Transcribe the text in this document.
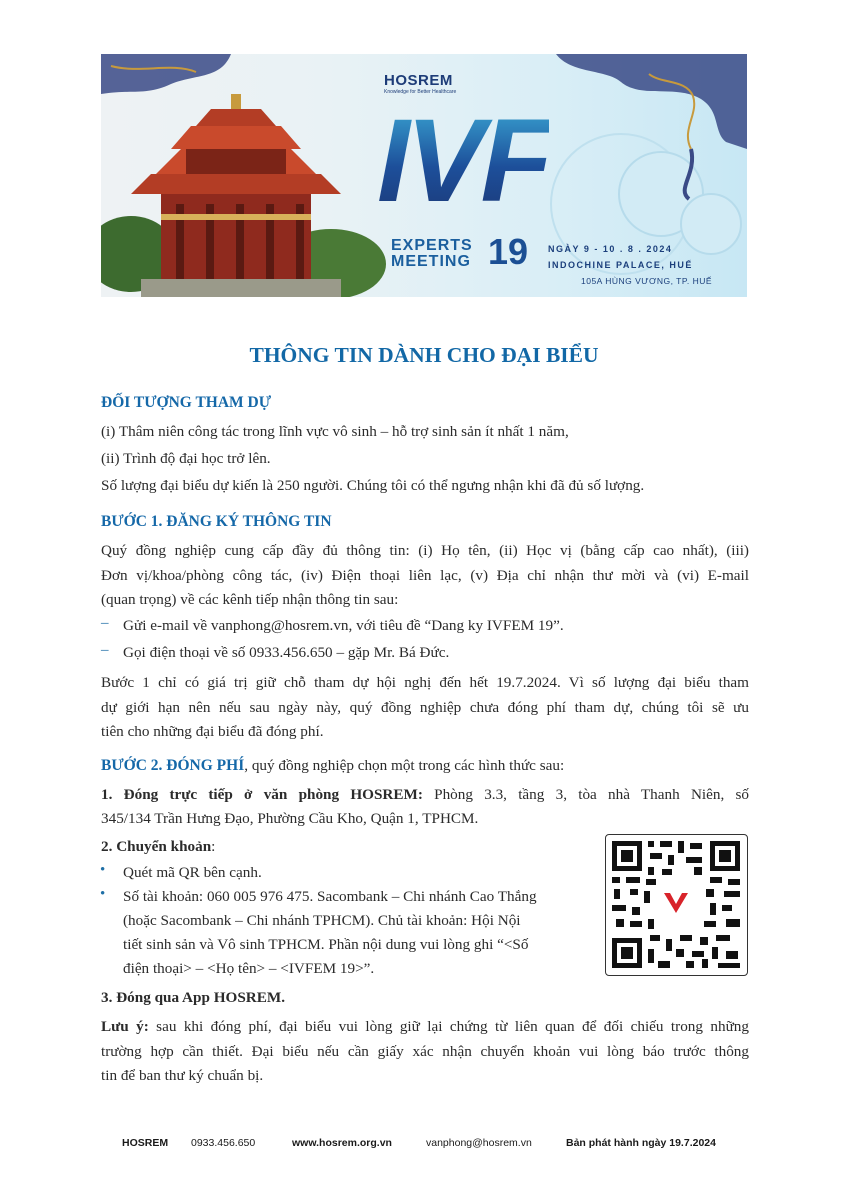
HOSREM
Knowledge for Better Healthcare
IVF
EXPERTS
MEETING 19 NGÀY 9 - 10 . 8 . 2024
INDOCHINE PALACE, HUẾ
105A HÙNG VƯƠNG, TP. HUẾ
THÔNG TIN DÀNH CHO ĐẠI BIỂU
ĐỐI TƯỢNG THAM DỰ
(i) Thâm niên công tác trong lĩnh vực vô sinh – hỗ trợ sinh sản ít nhất 1 năm,
(ii) Trình độ đại học trở lên.
Số lượng đại biểu dự kiến là 250 người. Chúng tôi có thể ngưng nhận khi đã đủ số lượng.
BƯỚC 1. ĐĂNG KÝ THÔNG TIN
Quý đồng nghiệp cung cấp đầy đủ thông tin: (i) Họ tên, (ii) Học vị (bằng cấp cao nhất), (iii)
Đơn vị/khoa/phòng công tác, (iv) Điện thoại liên lạc, (v) Địa chỉ nhận thư mời và (vi) E-mail
(quan trọng) về các kênh tiếp nhận thông tin sau:
– Gửi e-mail về vanphong@hosrem.vn, với tiêu đề “Dang ky IVFEM 19”.
– Gọi điện thoại về số 0933.456.650 – gặp Mr. Bá Đức.
Bước 1 chỉ có giá trị giữ chỗ tham dự hội nghị đến hết 19.7.2024. Vì số lượng đại biểu tham
dự giới hạn nên nếu sau ngày này, quý đồng nghiệp chưa đóng phí tham dự, chúng tôi sẽ ưu
tiên cho những đại biểu đã đóng phí.
BƯỚC 2. ĐÓNG PHÍ, quý đồng nghiệp chọn một trong các hình thức sau:
1. Đóng trực tiếp ở văn phòng HOSREM: Phòng 3.3, tầng 3, tòa nhà Thanh Niên, số
345/134 Trần Hưng Đạo, Phường Cầu Kho, Quận 1, TPHCM.
2. Chuyển khoản:
• Quét mã QR bên cạnh.
• Số tài khoản: 060 005 976 475. Sacombank – Chi nhánh Cao Thắng
(hoặc Sacombank – Chi nhánh TPHCM). Chủ tài khoản: Hội Nội
tiết sinh sản và Vô sinh TPHCM. Phần nội dung vui lòng ghi “<Số
điện thoại> – <Họ tên> – <IVFEM 19>”.
3. Đóng qua App HOSREM.
Lưu ý: sau khi đóng phí, đại biểu vui lòng giữ lại chứng từ liên quan để đối chiếu trong những
trường hợp cần thiết. Đại biểu nếu cần giấy xác nhận chuyển khoản vui lòng báo trước thông
tin để ban thư ký chuẩn bị.
HOSREM 0933.456.650	www.hosrem.org.vn	vanphong@hosrem.vn	Bản phát hành ngày 19.7.2024
